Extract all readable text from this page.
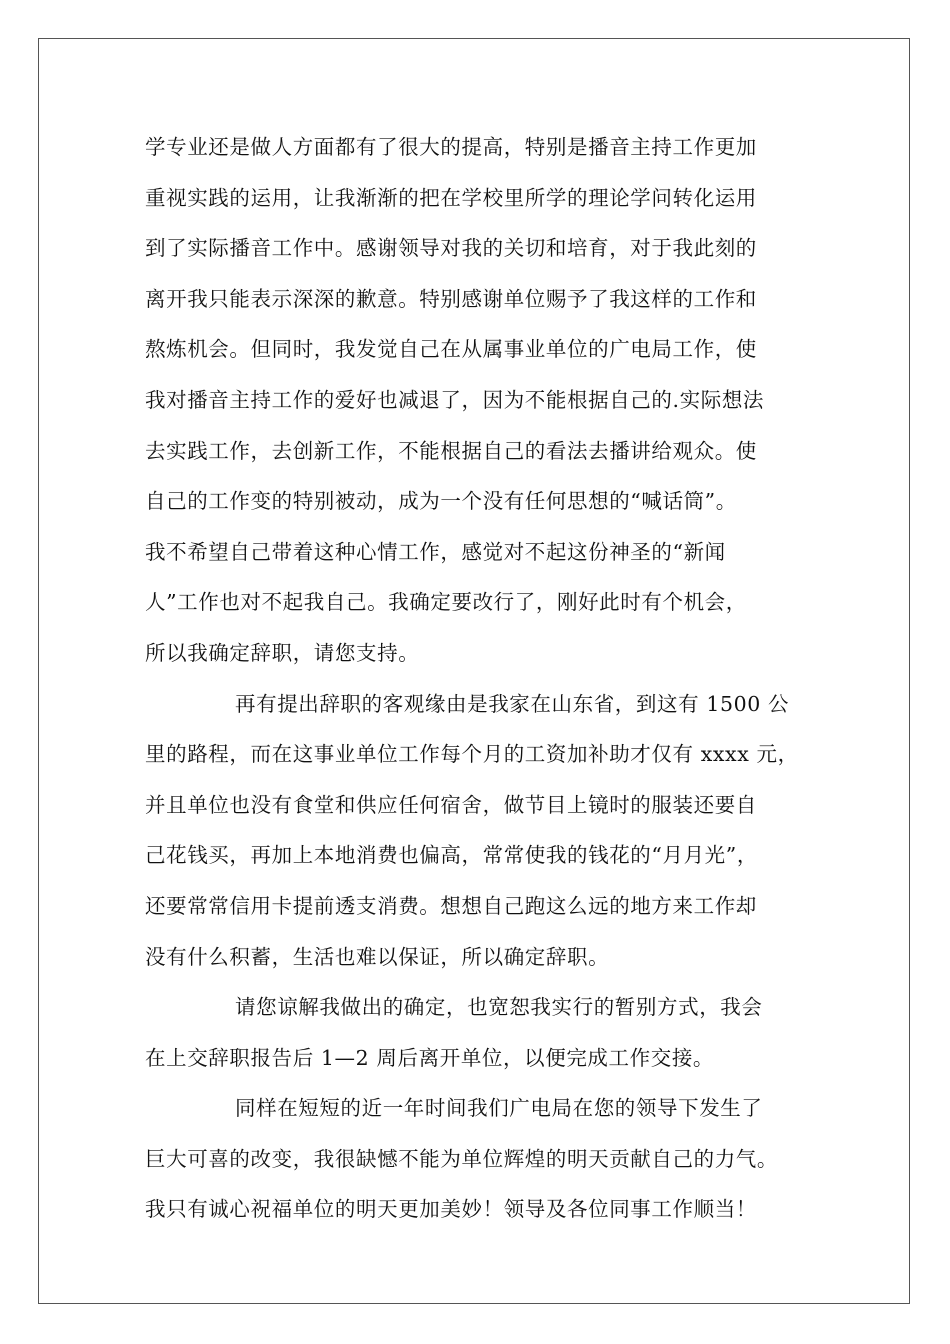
学专业还是做人方面都有了很大的提高，特别是播音主持工作更加
重视实践的运用，让我渐渐的把在学校里所学的理论学问转化运用
到了实际播音工作中。感谢领导对我的关切和培育，对于我此刻的
离开我只能表示深深的歉意。特别感谢单位赐予了我这样的工作和
熬炼机会。但同时，我发觉自己在从属事业单位的广电局工作，使
我对播音主持工作的爱好也减退了，因为不能根据自己的.实际想法
去实践工作，去创新工作，不能根据自己的看法去播讲给观众。使
自己的工作变的特别被动，成为一个没有任何思想的“喊话筒”。
我不希望自己带着这种心情工作，感觉对不起这份神圣的“新闻
人”工作也对不起我自己。我确定要改行了，刚好此时有个机会，
所以我确定辞职，请您支持。
再有提出辞职的客观缘由是我家在山东省，到这有 1500 公
里的路程，而在这事业单位工作每个月的工资加补助才仅有 xxxx 元，
并且单位也没有食堂和供应任何宿舍，做节目上镜时的服装还要自
己花钱买，再加上本地消费也偏高，常常使我的钱花的“月月光”，
还要常常信用卡提前透支消费。想想自己跑这么远的地方来工作却
没有什么积蓄，生活也难以保证，所以确定辞职。
请您谅解我做出的确定，也宽恕我实行的暂别方式，我会
在上交辞职报告后 1—2 周后离开单位，以便完成工作交接。
同样在短短的近一年时间我们广电局在您的领导下发生了
巨大可喜的改变，我很缺憾不能为单位辉煌的明天贡献自己的力气。
我只有诚心祝福单位的明天更加美妙！领导及各位同事工作顺当！
